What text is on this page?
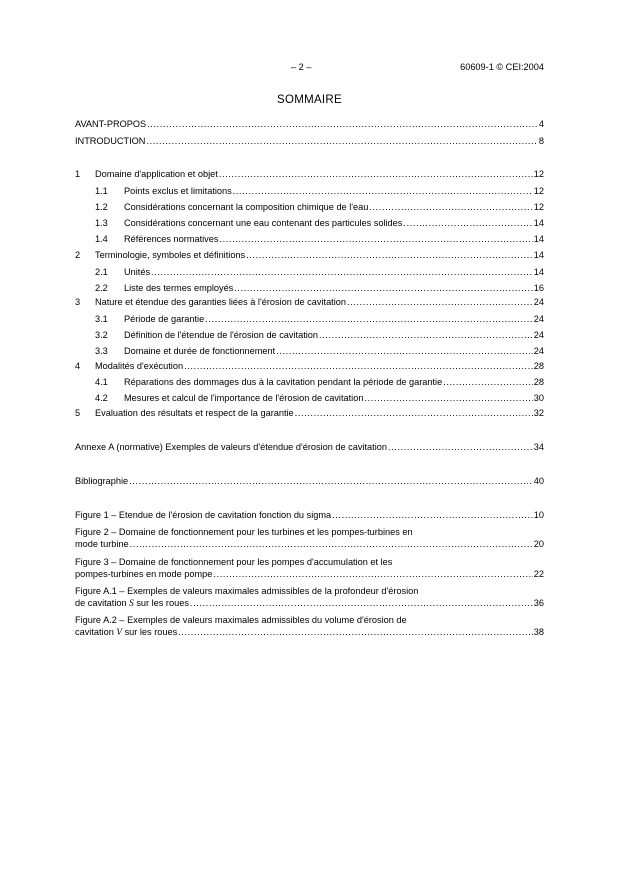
– 2 –	60609-1 © CEI:2004
SOMMAIRE
AVANT-PROPOS .....	4
INTRODUCTION .....	8
1	Domaine d'application et objet .....	12
1.1	Points exclus et limitations .....	12
1.2	Considérations concernant la composition chimique de l'eau .....	12
1.3	Considérations concernant une eau contenant des particules solides .....	14
1.4	Références normatives .....	14
2	Terminologie, symboles et définitions .....	14
2.1	Unités .....	14
2.2	Liste des termes employés .....	16
3	Nature et étendue des garanties liées à l'érosion de cavitation .....	24
3.1	Période de garantie .....	24
3.2	Définition de l'étendue de l'érosion de cavitation .....	24
3.3	Domaine et durée de fonctionnement .....	24
4	Modalités d'exécution .....	28
4.1	Réparations des dommages dus à la cavitation pendant la période de garantie .....	28
4.2	Mesures et calcul de l'importance de l'érosion de cavitation .....	30
5	Evaluation des résultats et respect de la garantie .....	32
Annexe A (normative) Exemples de valeurs d'étendue d'érosion de cavitation .....	34
Bibliographie .....	40
Figure 1 – Etendue de l'érosion de cavitation fonction du sigma .....	10
Figure 2 – Domaine de fonctionnement pour les turbines et les pompes-turbines en
mode turbine .....	20
Figure 3 – Domaine de fonctionnement pour les pompes d'accumulation et les
pompes-turbines en mode pompe .....	22
Figure A.1 – Exemples de valeurs maximales admissibles de la profondeur d'érosion
de cavitation S sur les roues .....	36
Figure A.2 – Exemples de valeurs maximales admissibles du volume d'érosion de
cavitation V sur les roues .....	38
